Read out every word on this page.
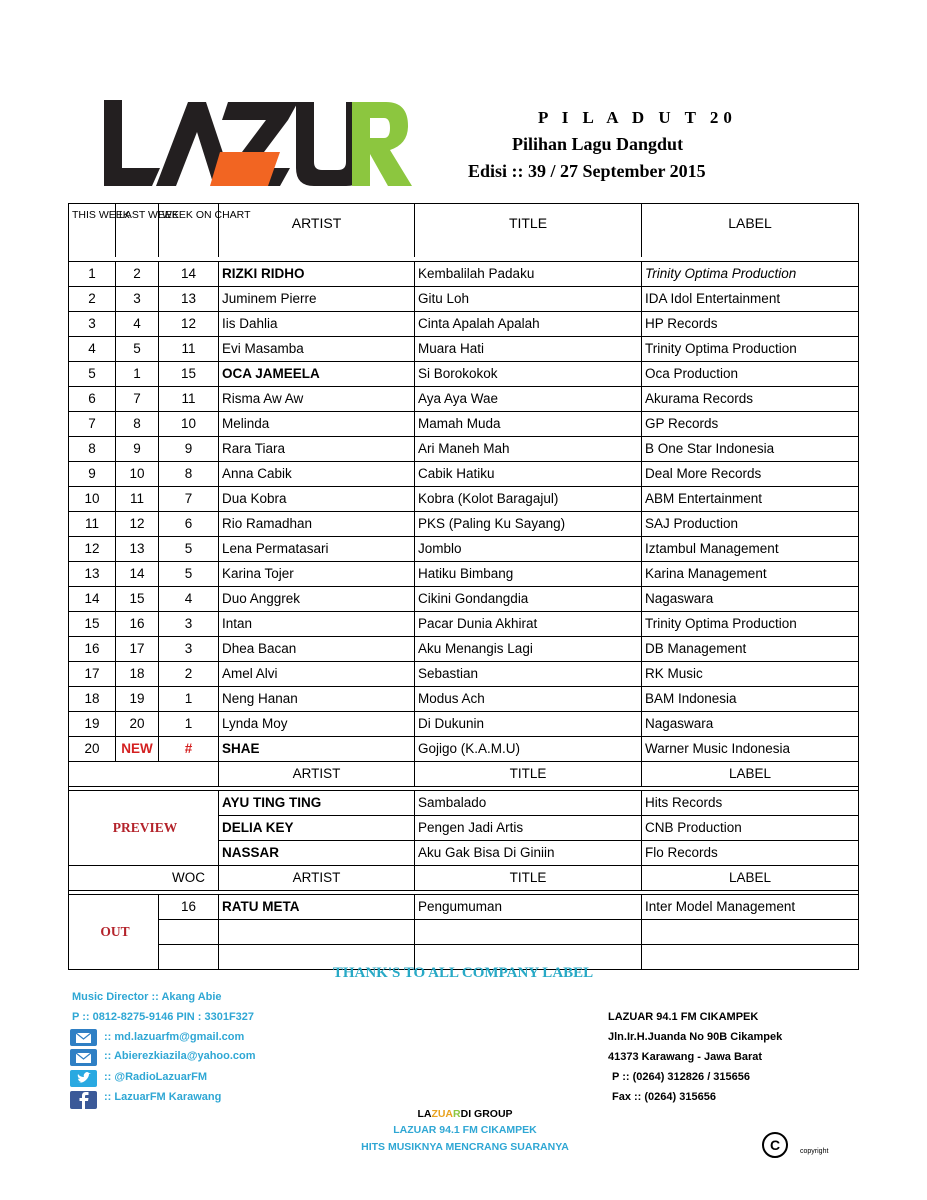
P I L A D U T 20
Pilihan Lagu Dangdut
Edisi :: 39 / 27 September 2015
THIS WEEK	LAST WEEK	WEEK ON CHART	ARTIST	TITLE	LABEL

1	2	14	RIZKI RIDHO	Kembalilah Padaku	Trinity Optima Production
2	3	13	Juminem Pierre	Gitu Loh	IDA Idol Entertainment
3	4	12	Iis Dahlia	Cinta Apalah Apalah	HP Records
4	5	11	Evi Masamba	Muara Hati	Trinity Optima Production
5	1	15	OCA JAMEELA	Si Borokokok	Oca Production
6	7	11	Risma Aw Aw	Aya Aya Wae	Akurama Records
7	8	10	Melinda	Mamah Muda	GP Records
8	9	9	Rara Tiara	Ari Maneh Mah	B One Star Indonesia
9	10	8	Anna Cabik	Cabik Hatiku	Deal More Records
10	11	7	Dua Kobra	Kobra (Kolot Baragajul)	ABM Entertainment
11	12	6	Rio Ramadhan	PKS (Paling Ku Sayang)	SAJ Production
12	13	5	Lena Permatasari	Jomblo	Iztambul Management
13	14	5	Karina Tojer	Hatiku Bimbang	Karina Management
14	15	4	Duo Anggrek	Cikini Gondangdia	Nagaswara
15	16	3	Intan	Pacar Dunia Akhirat	Trinity Optima Production
16	17	3	Dhea Bacan	Aku Menangis Lagi	DB Management
17	18	2	Amel Alvi	Sebastian	RK Music
18	19	1	Neng Hanan	Modus Ach	BAM Indonesia
19	20	1	Lynda Moy	Di Dukunin	Nagaswara
20	NEW	#	SHAE	Gojigo (K.A.M.U)	Warner Music Indonesia
			ARTIST	TITLE	LABEL

PREVIEW			AYU TING TING	Sambalado	Hits Records
			DELIA KEY	Pengen Jadi Artis	CNB Production
			NASSAR	Aku Gak Bisa Di Giniin	Flo Records
WOC			ARTIST	TITLE	LABEL

OUT		16	RATU META	Pengumuman	Inter Model Management

THANK'S TO ALL COMPANY LABEL
Music Director :: Akang Abie
P :: 0812-8275-9146 PIN : 3301F327
:: md.lazuarfm@gmail.com
:: Abierezkiazila@yahoo.com
:: @RadioLazuarFM
:: LazuarFM Karawang
LAZUAR 94.1 FM CIKAMPEK
Jln.Ir.H.Juanda No 90B Cikampek
41373 Karawang - Jawa Barat
P :: (0264) 312826 / 315656
Fax :: (0264) 315656
LAZUARDI GROUP
LAZUAR 94.1 FM CIKAMPEK
HITS MUSIKNYA MENCRANG SUARANYA	C	copyright
